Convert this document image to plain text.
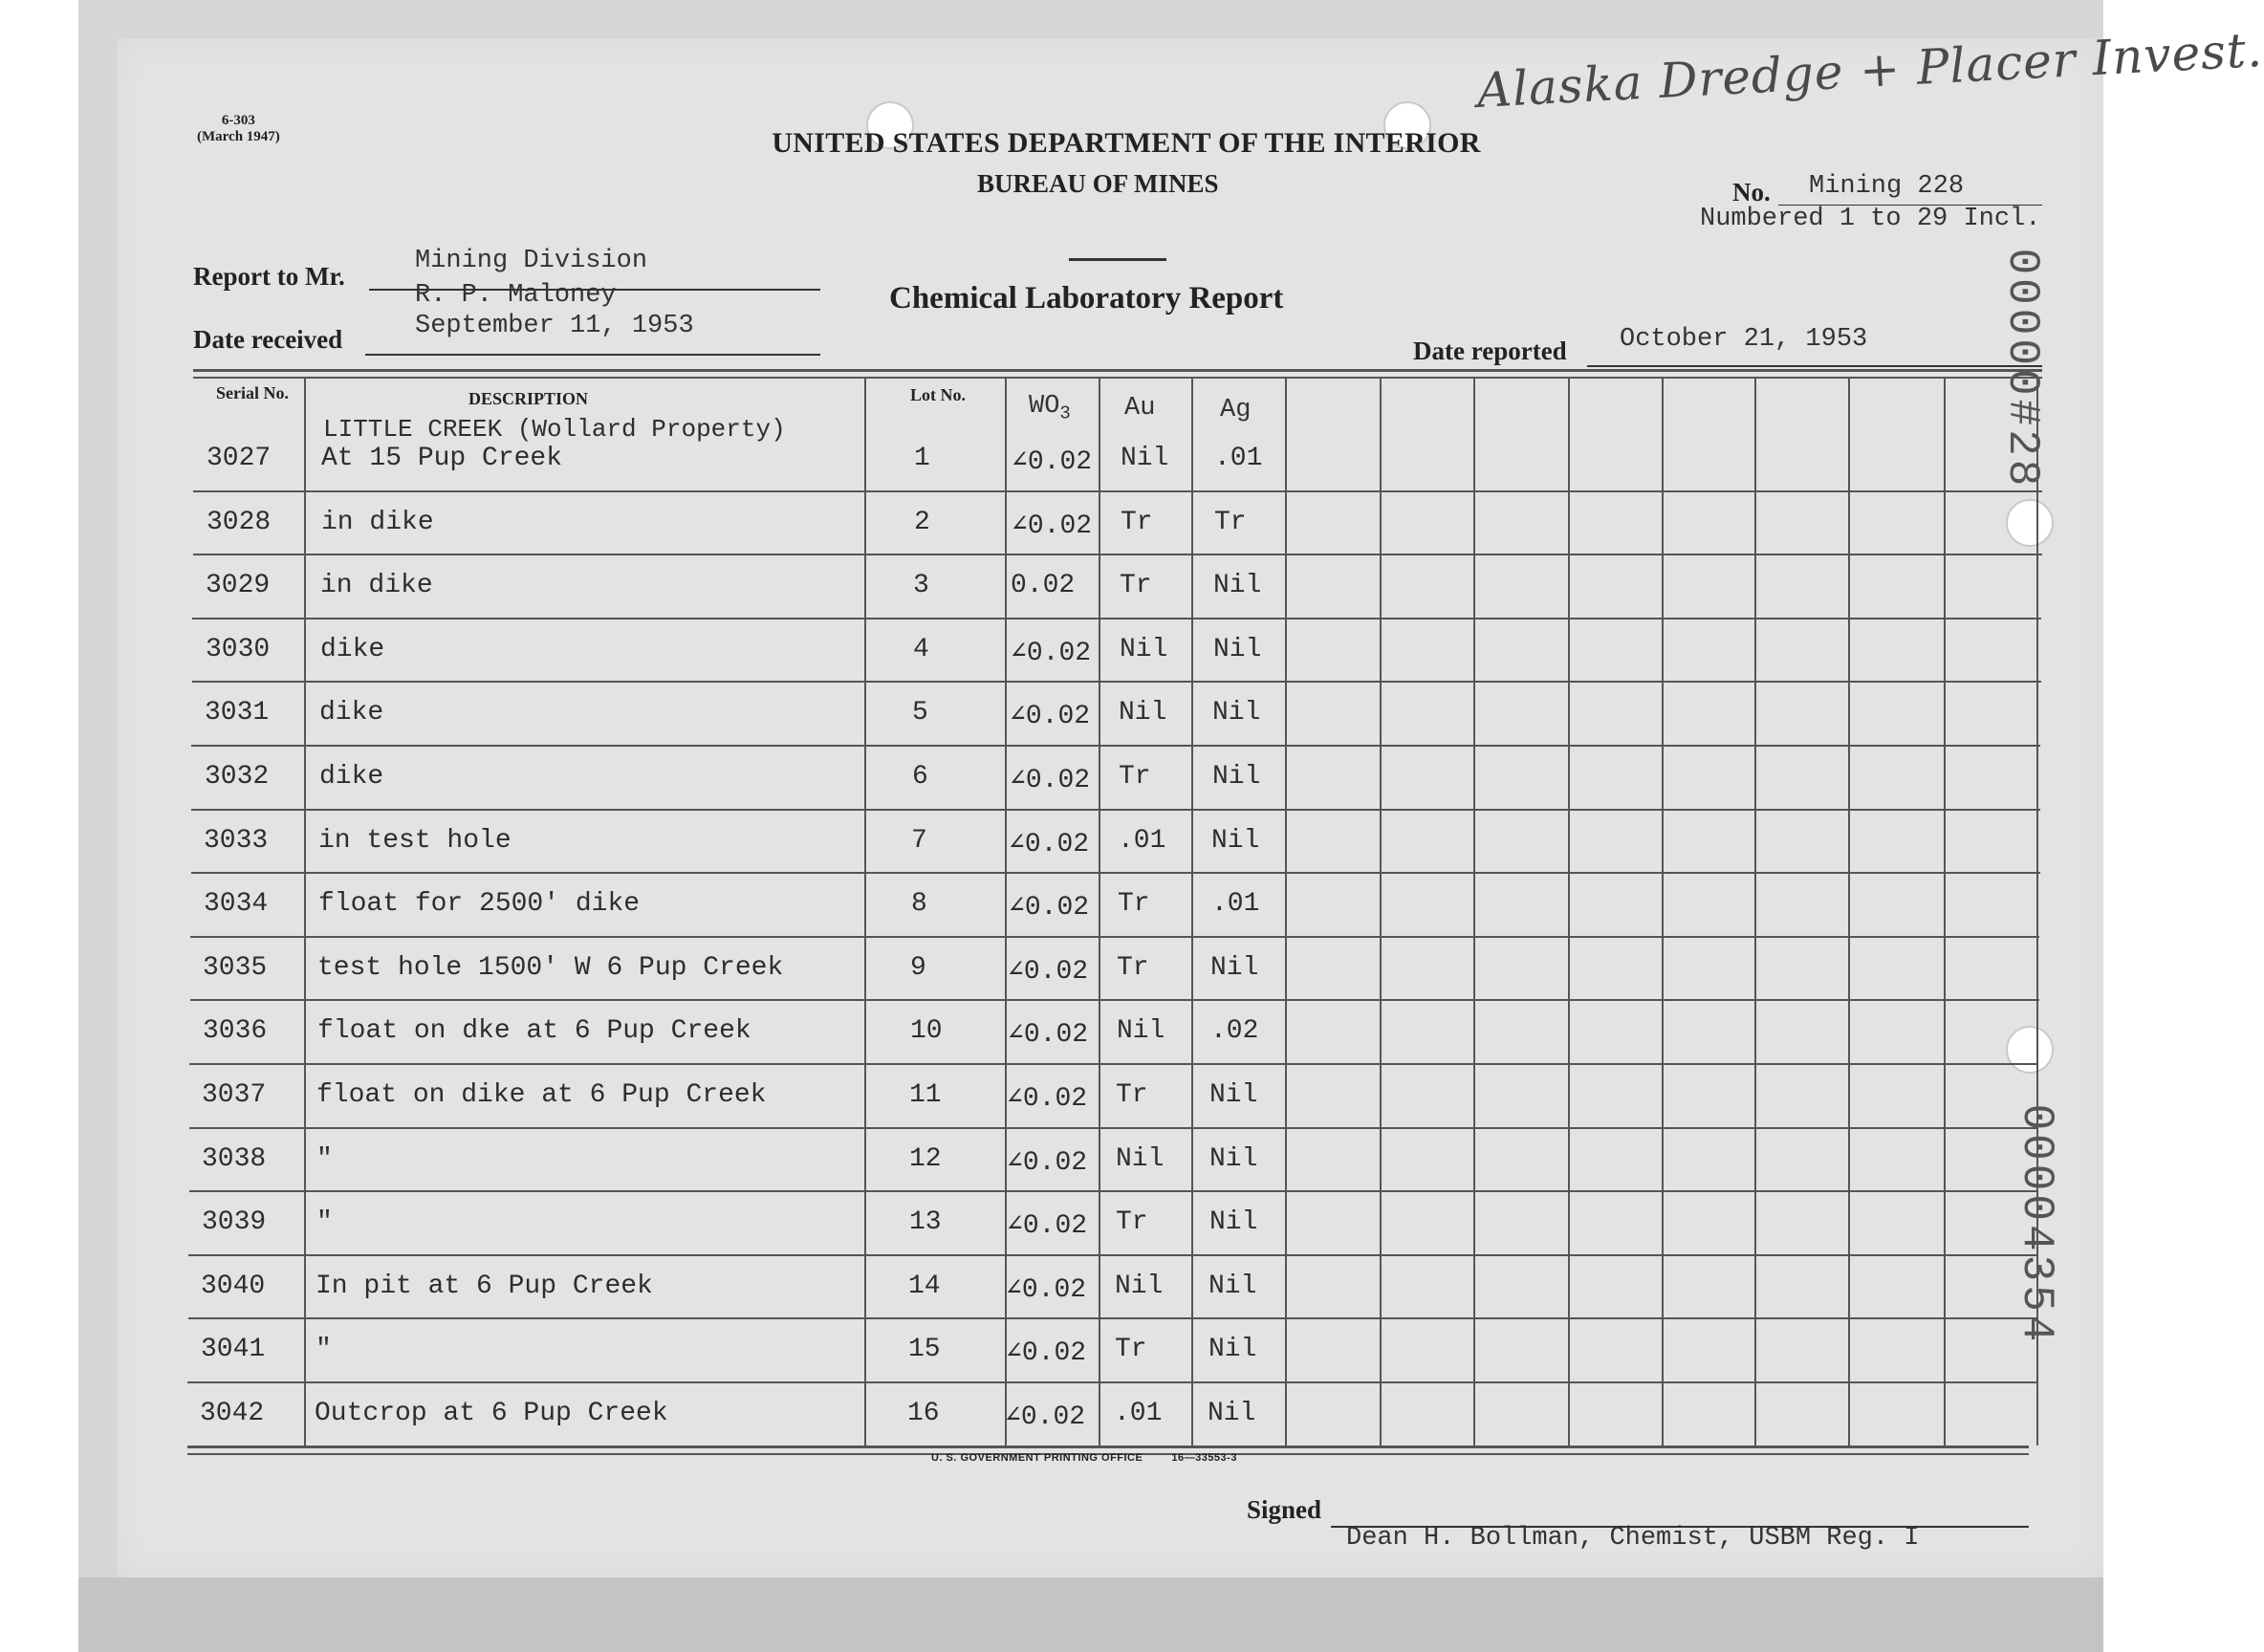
6-303
(March 1947)	UNITED STATES DEPARTMENT OF THE INTERIOR
BUREAU OF MINES
Chemical Laboratory Report
Alaska Dredge + Placer Invest.
00000#28
00004354
No. Mining 228
Numbered 1 to 29 Incl.
Report to Mr.
Mining Division
R. P. Maloney
Date received	September 11, 1953
Date reported October 21, 1953
Serial No.	DESCRIPTION	Lot No. $WO_3$ Au	Ag
LITTLE CREEK (Wollard Property)
3027 At 15 Pup Creek	1	∠0.02 Nil .01
3028 in dike	2	∠0.02 Tr Tr
3029 in dike	3	0.02 Tr Nil
3030 dike	4	∠0.02 Nil Nil
3031 dike	5	∠0.02 Nil Nil
3032 dike	6	∠0.02 Tr Nil
3033 in test hole	7	∠0.02 .01 Nil
3034 float for 2500' dike	8	∠0.02 Tr .01
3035 test hole 1500' W 6 Pup Creek	9	∠0.02 Tr Nil
3036 float on dke at 6 Pup Creek	10 ∠0.02 Nil .02
3037 float on dike at 6 Pup Creek	11 ∠0.02 Tr Nil
3038 "	12 ∠0.02 Nil Nil
3039 "	13 ∠0.02 Tr Nil
3040 In pit at 6 Pup Creek	14 ∠0.02 Nil Nil
3041 "	15 ∠0.02 Tr Nil
3042 Outcrop at 6 Pup Creek	16 ∠0.02 .01 Nil
U. S. GOVERNMENT PRINTING OFFICE	16—33553-3
Signed
Dean H. Bollman, Chemist, USBM Reg. I
